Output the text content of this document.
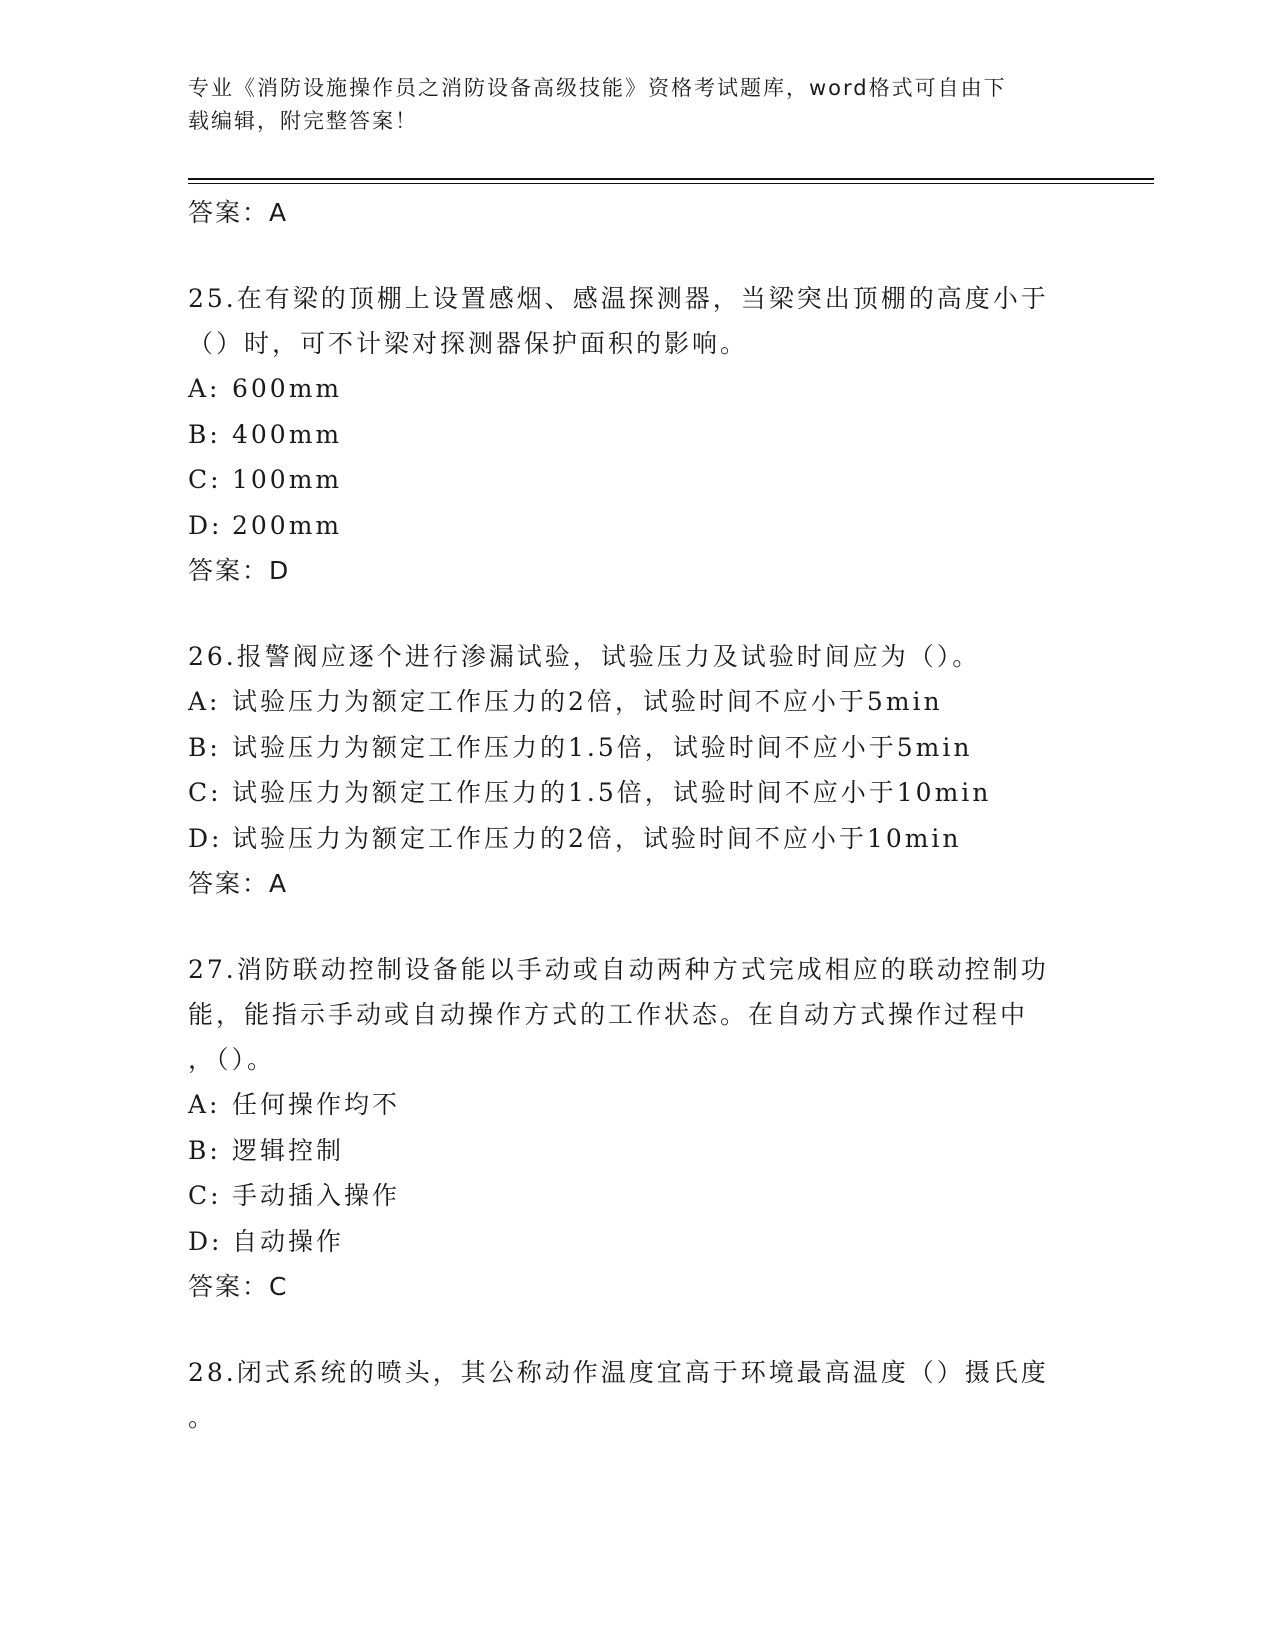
专业《消防设施操作员之消防设备高级技能》资格考试题库，word格式可自由下
载编辑，附完整答案！
答案：A
25.在有梁的顶棚上设置感烟、感温探测器，当梁突出顶棚的高度小于
（）时，可不计梁对探测器保护面积的影响。
A: 600mm
B: 400mm
C: 100mm
D: 200mm
答案：D
26.报警阀应逐个进行渗漏试验，试验压力及试验时间应为（）。
A: 试验压力为额定工作压力的2倍，试验时间不应小于5min
B: 试验压力为额定工作压力的1.5倍，试验时间不应小于5min
C: 试验压力为额定工作压力的1.5倍，试验时间不应小于10min
D: 试验压力为额定工作压力的2倍，试验时间不应小于10min
答案：A
27.消防联动控制设备能以手动或自动两种方式完成相应的联动控制功
能，能指示手动或自动操作方式的工作状态。在自动方式操作过程中
，（）。
A: 任何操作均不
B: 逻辑控制
C: 手动插入操作
D: 自动操作
答案：C
28.闭式系统的喷头，其公称动作温度宜高于环境最高温度（）摄氏度
。
